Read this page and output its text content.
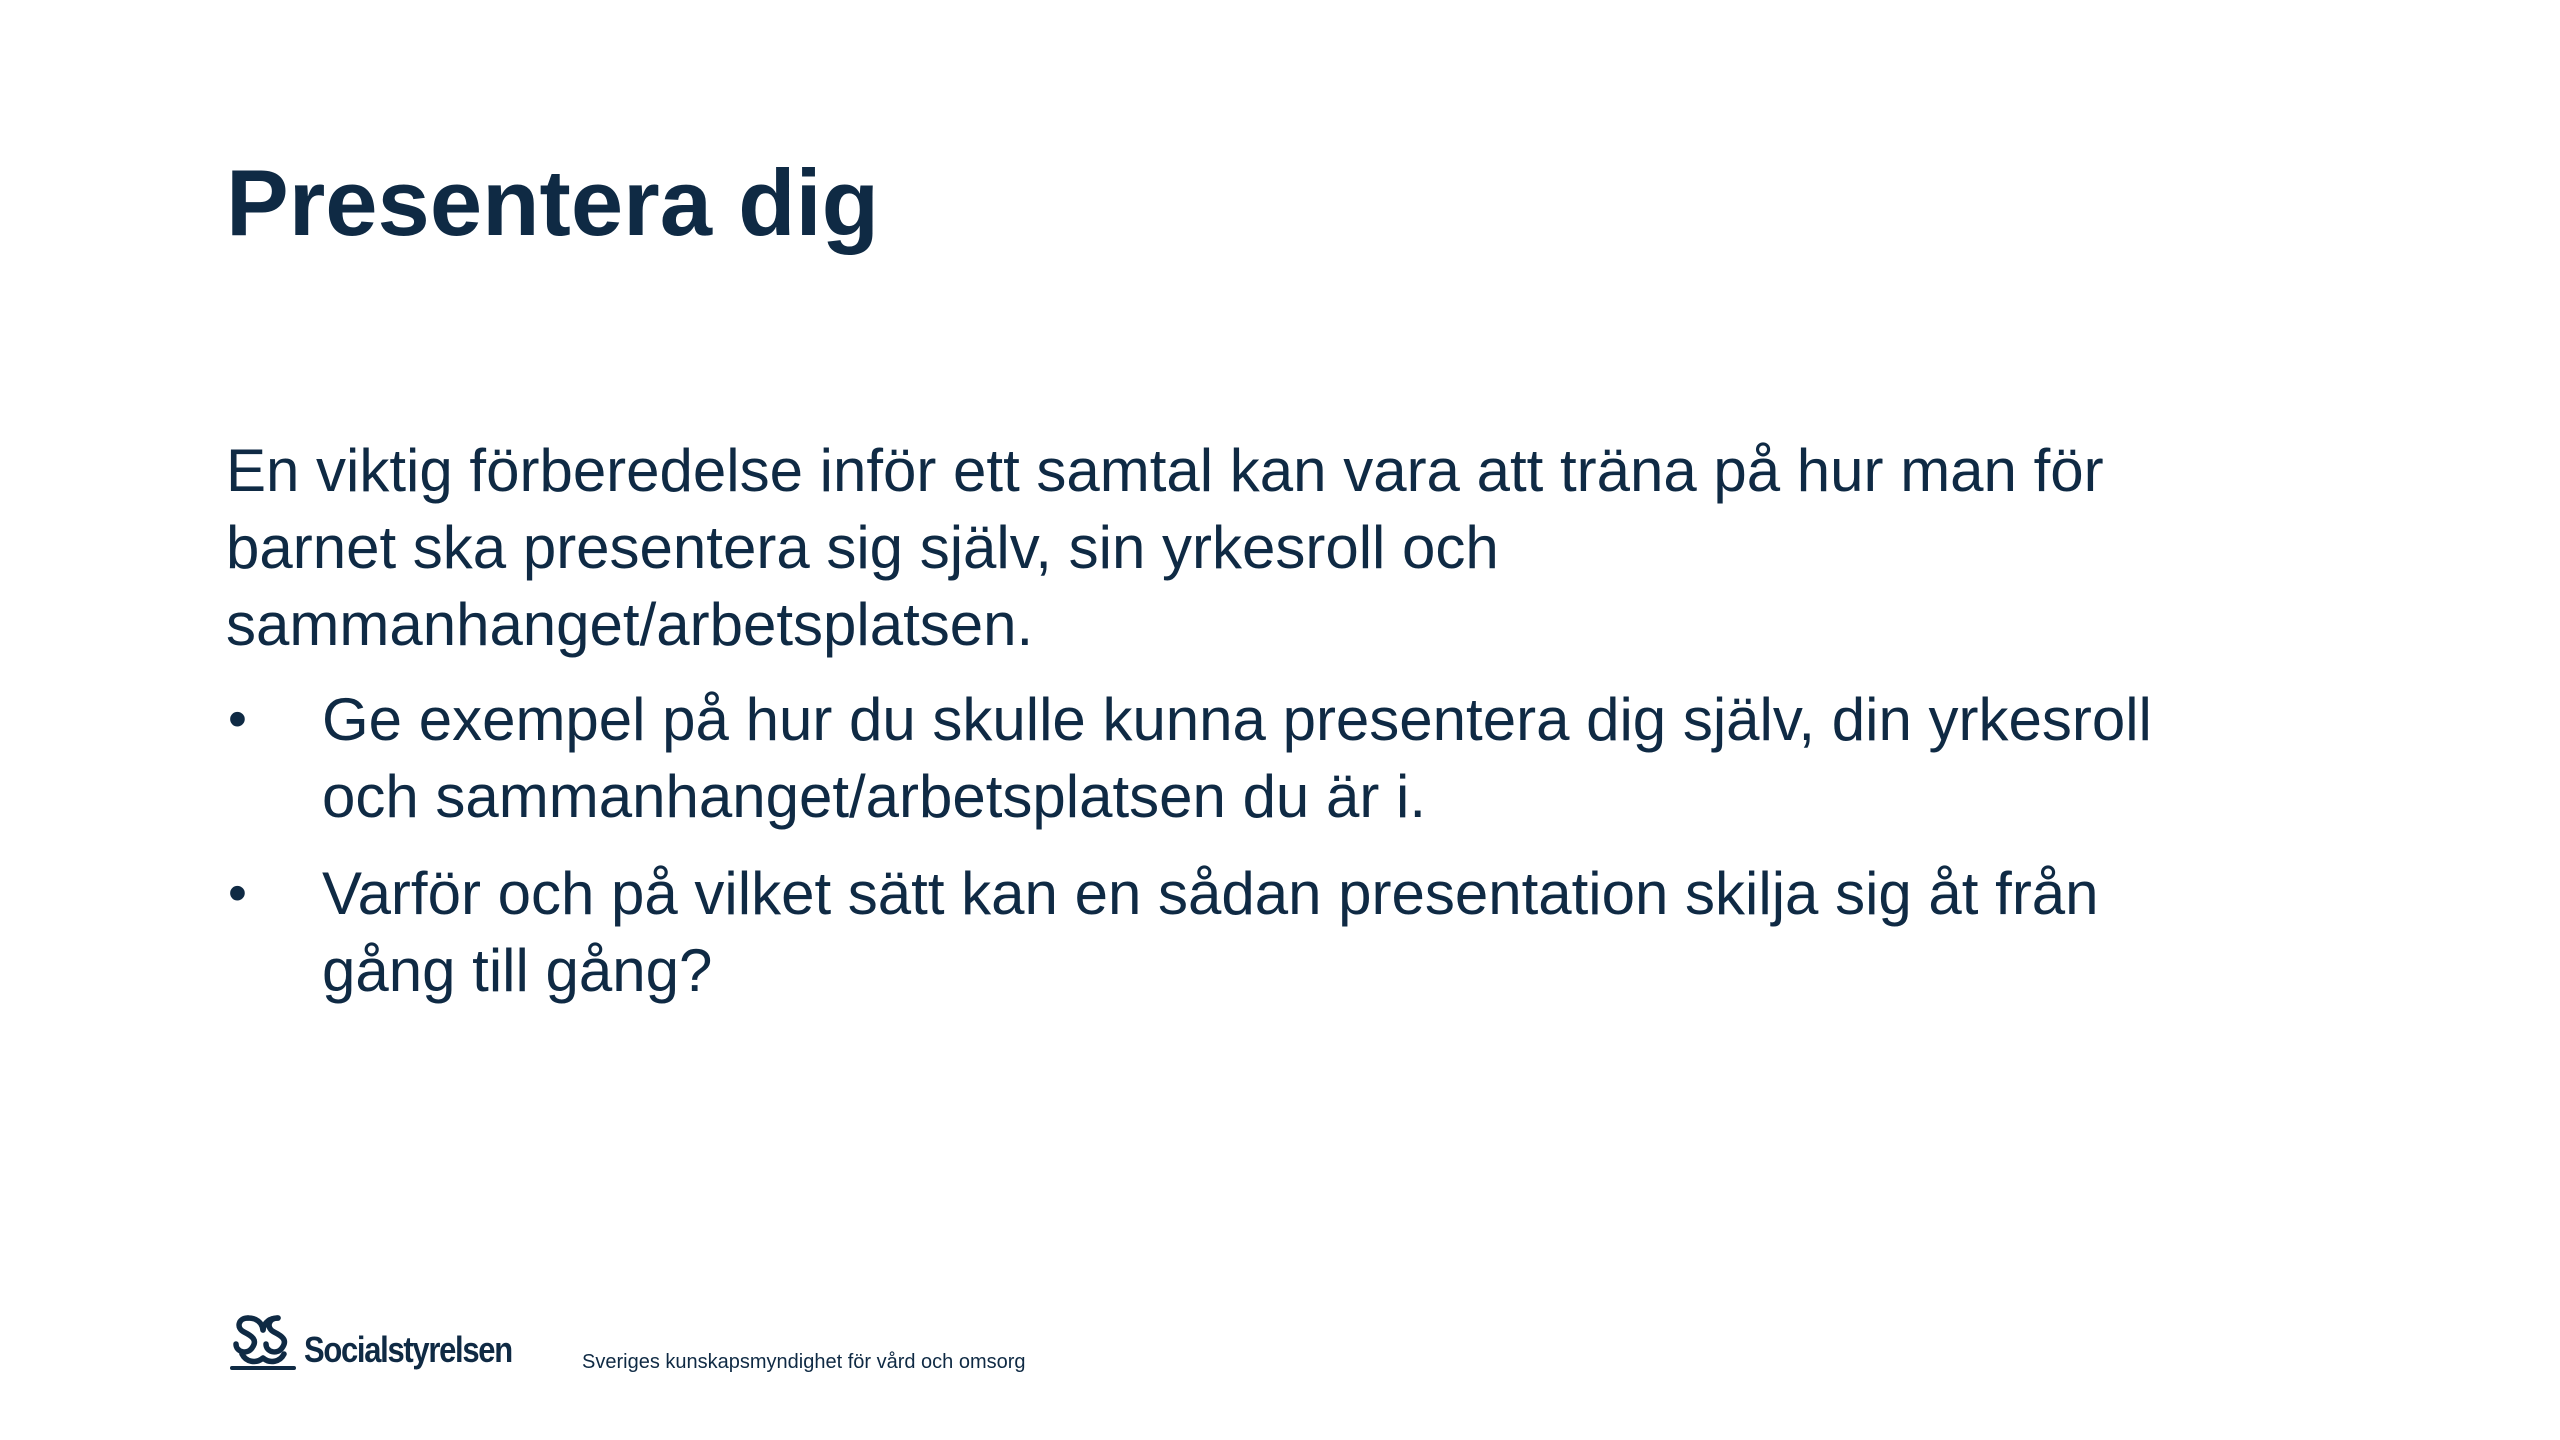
Presentera dig

En viktig förberedelse inför ett samtal kan vara att träna på hur man för barnet ska presentera sig själv, sin yrkesroll och sammanhanget/arbetsplatsen.

• Ge exempel på hur du skulle kunna presentera dig själv, din yrkesroll och sammanhanget/arbetsplatsen du är i.
• Varför och på vilket sätt kan en sådan presentation skilja sig åt från gång till gång?
Socialstyrelsen	Sveriges kunskapsmyndighet för vård och omsorg
